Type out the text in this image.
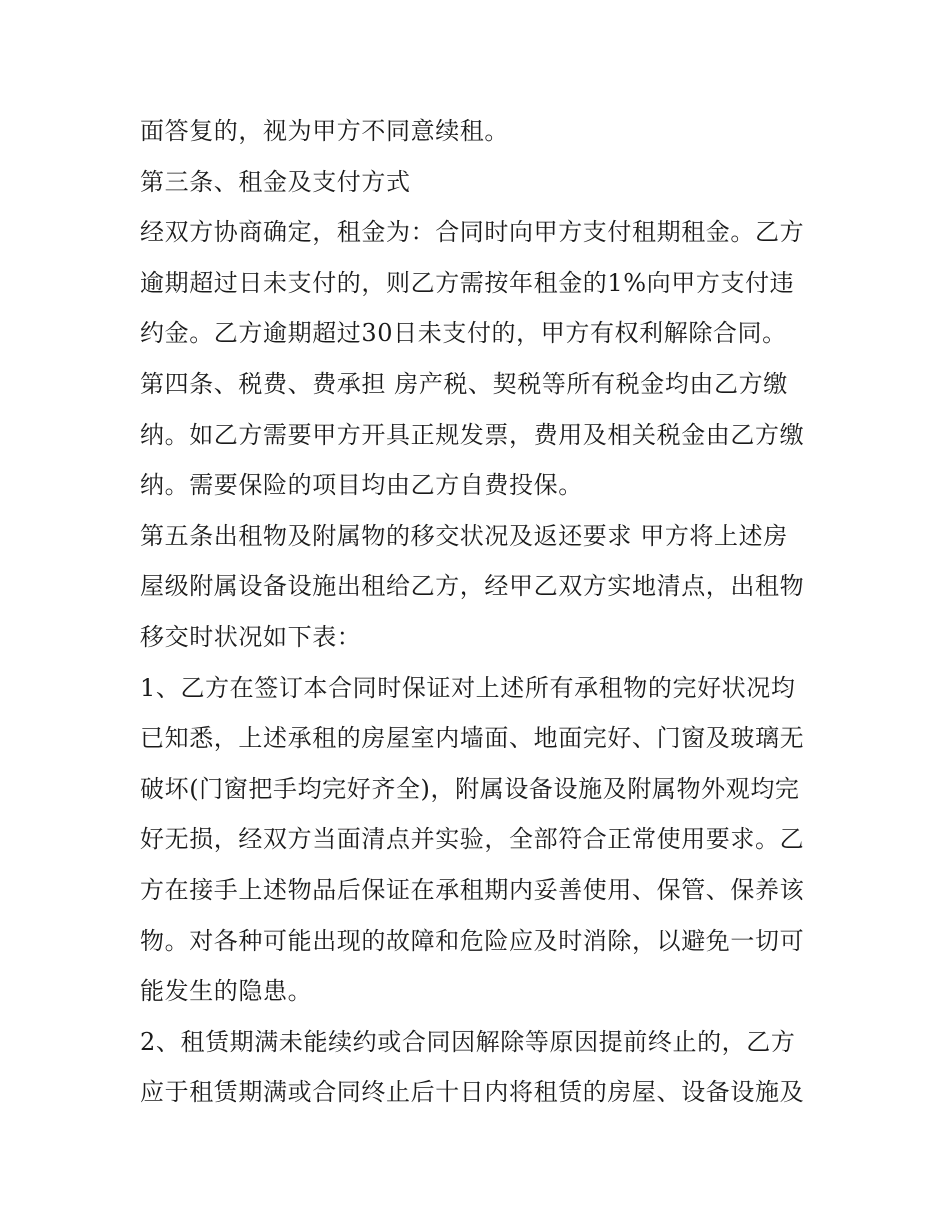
面答复的，视为甲方不同意续租。
第三条、租金及支付方式
经双方协商确定，租金为：合同时向甲方支付租期租金。乙方
逾期超过日未支付的，则乙方需按年租金的1%向甲方支付违
约金。乙方逾期超过30日未支付的，甲方有权利解除合同。
第四条、税费、费承担 房产税、契税等所有税金均由乙方缴
纳。如乙方需要甲方开具正规发票，费用及相关税金由乙方缴
纳。需要保险的项目均由乙方自费投保。
第五条出租物及附属物的移交状况及返还要求 甲方将上述房
屋级附属设备设施出租给乙方，经甲乙双方实地清点，出租物
移交时状况如下表：
1、乙方在签订本合同时保证对上述所有承租物的完好状况均
已知悉，上述承租的房屋室内墙面、地面完好、门窗及玻璃无
破坏(门窗把手均完好齐全)，附属设备设施及附属物外观均完
好无损，经双方当面清点并实验，全部符合正常使用要求。乙
方在接手上述物品后保证在承租期内妥善使用、保管、保养该
物。对各种可能出现的故障和危险应及时消除，以避免一切可
能发生的隐患。
2、租赁期满未能续约或合同因解除等原因提前终止的，乙方
应于租赁期满或合同终止后十日内将租赁的房屋、设备设施及
